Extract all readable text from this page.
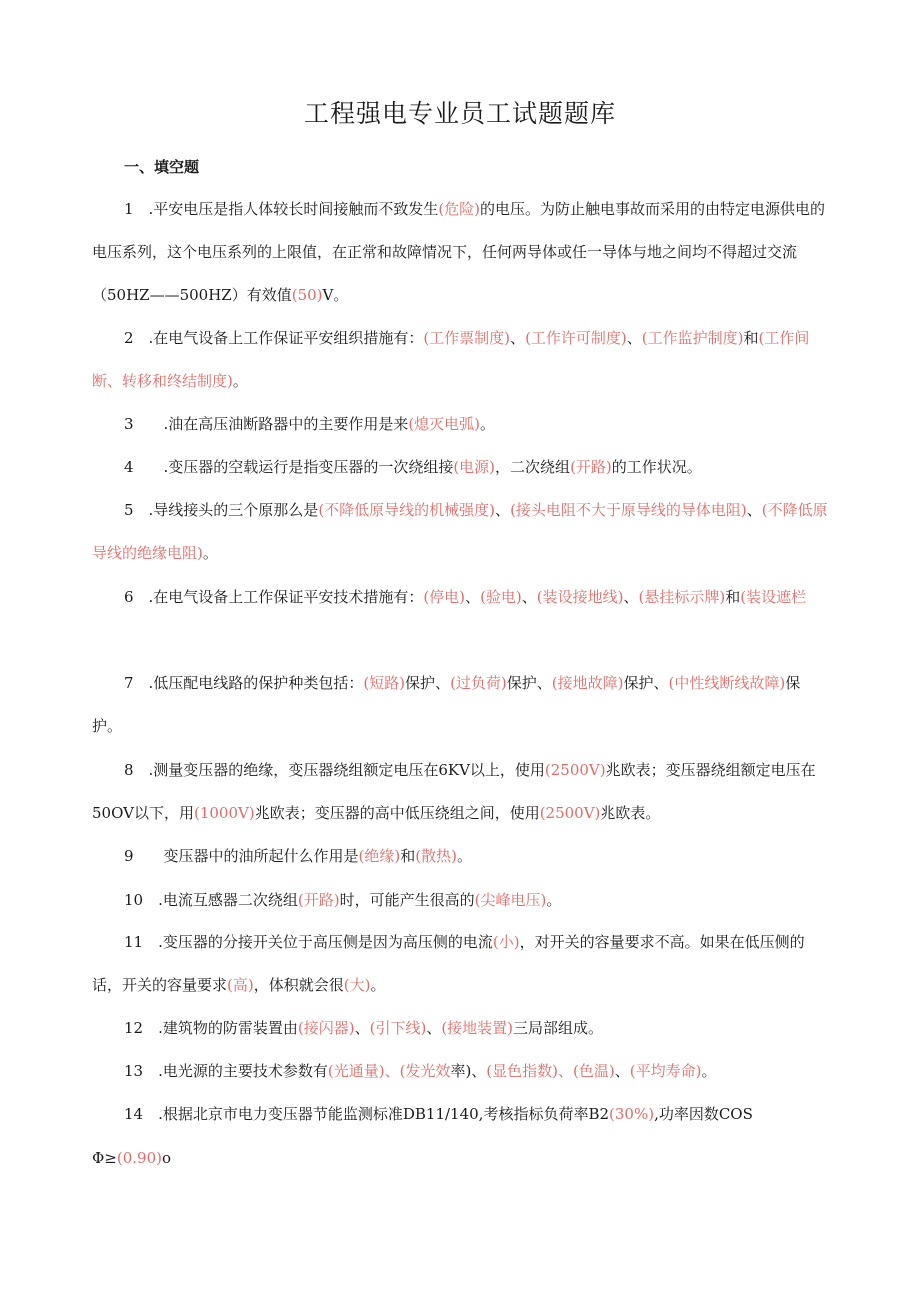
工程强电专业员工试题题库
一、填空题

1　.平安电压是指人体较长时间接触而不致发生(危险)的电压。为防止触电事故而采用的由特定电源供电的电压系列，这个电压系列的上限值，在正常和故障情况下，任何两导体或任一导体与地之间均不得超过交流（50HZ——500HZ）有效值(50)V。

2　.在电气设备上工作保证平安组织措施有：(工作票制度)、(工作许可制度)、(工作监护制度)和(工作间断、转移和终结制度)。

3　　.油在高压油断路器中的主要作用是来(熄灭电弧)。

4　　.变压器的空载运行是指变压器的一次绕组接(电源)，二次绕组(开路)的工作状况。

5　.导线接头的三个原那么是(不降低原导线的机械强度)、(接头电阻不大于原导线的导体电阻)、(不降低原导线的绝缘电阻)。

6　.在电气设备上工作保证平安技术措施有：(停电)、(验电)、(装设接地线)、(悬挂标示牌)和(装设遮栏

7　.低压配电线路的保护种类包括：(短路)保护、(过负荷)保护、(接地故障)保护、(中性线断线故障)保护。

8　.测量变压器的绝缘，变压器绕组额定电压在6KV以上，使用(2500V)兆欧表；变压器绕组额定电压在50OV以下，用(1000V)兆欧表；变压器的高中低压绕组之间，使用(2500V)兆欧表。

9　　变压器中的油所起什么作用是(绝缘)和(散热)。

10　.电流互感器二次绕组(开路)时，可能产生很高的(尖峰电压)。

11　.变压器的分接开关位于高压侧是因为高压侧的电流(小)，对开关的容量要求不高。如果在低压侧的话，开关的容量要求(高)，体积就会很(大)。

12　.建筑物的防雷装置由(接闪器)、(引下线)、(接地装置)三局部组成。

13　.电光源的主要技术参数有(光通量)、(发光效率)、(显色指数)、(色温)、(平均寿命)。

14　.根据北京市电力变压器节能监测标准DB11/140,考核指标负荷率B2(30%),功率因数COS

Φ≥(0.90)o
